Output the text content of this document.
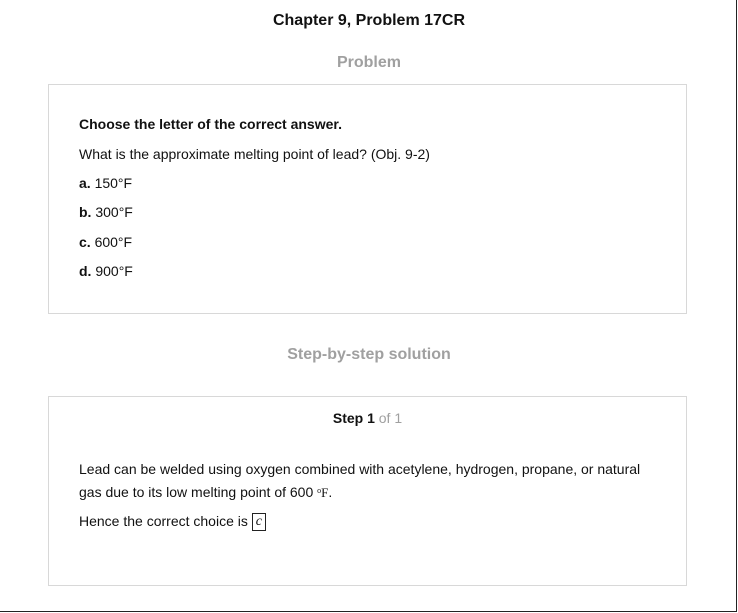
Chapter 9, Problem 17CR
Problem
Choose the letter of the correct answer.
What is the approximate melting point of lead? (Obj. 9-2)
a. 150°F
b. 300°F
c. 600°F
d. 900°F
Step-by-step solution
Step 1 of 1
Lead can be welded using oxygen combined with acetylene, hydrogen, propane, or natural gas due to its low melting point of 600 $^o$F.
Hence the correct choice is c
